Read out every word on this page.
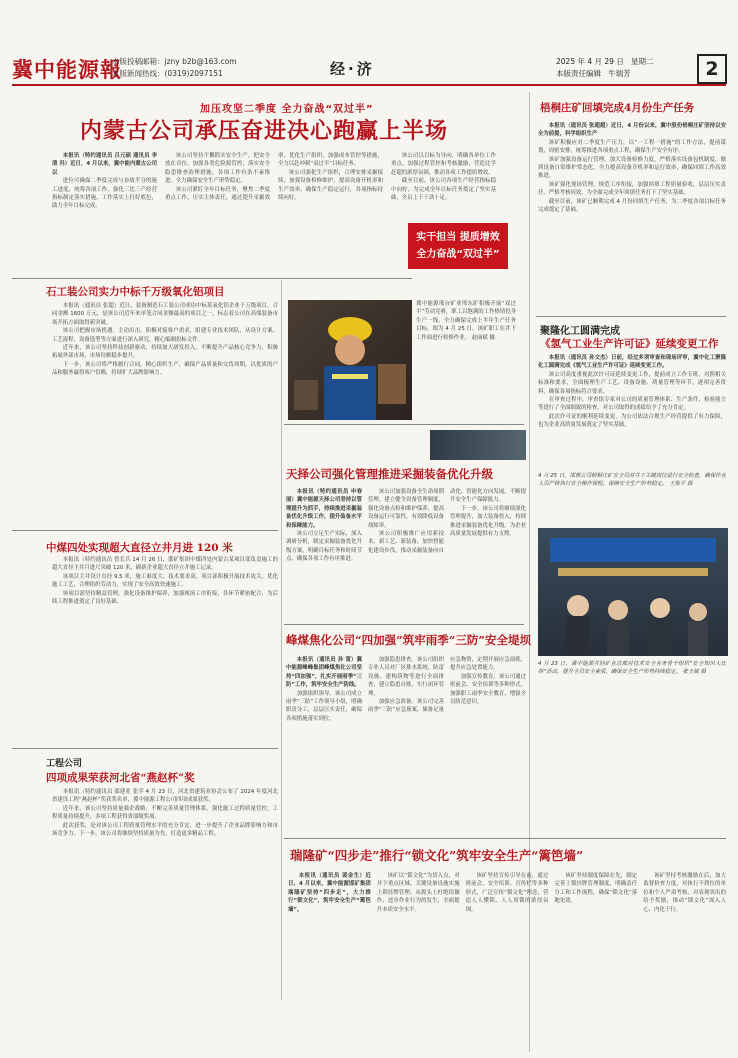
冀中能源報
本版投稿邮箱：jzny b2b@163.com
本版新闻热线：(0319)2097151	经·济	2025 年 4 月 29 日 星期二
本版责任编辑 牛瑞芳	2
加压攻坚二季度 全力奋战“双过半”
内蒙古公司承压奋进决心跑赢上半场

本报讯（特约通讯员 吕元硕 通讯员 李清 冯）近日，4 月以来，冀中能内蒙古公司以

进位可确保二季度完成与奋战半分的施工进度，统筹各项工作，强化三比三产经营指标制定落实措施，工作落实上打好底色，助力全年目标完成。

该公司坚持不懈抓实安全生产，把安全放在首位。加强各类危险源管控，落实安全隐患排查治理措施，各项工作有条不紊推进，全力确保安全生产形势稳定。

该公司紧盯全年目标任务，聚焦二季度重点工作，压实主体责任，通过提升采掘效率、优化生产组织、加强成本管控等措施，全力以赴冲刺“双过半”目标任务。

该公司强化生产组织，合理安排采掘接续，加强设备检修维护，提高设备开机率和生产效率，确保生产稳定运行，各项指标持续向好。

该公司以目标为导向，明确各单位工作重点，加强过程管控和考核激励，营造比学赶超的浓厚氛围，推动各项工作提质增效。

截至目前，该公司各项生产经营指标稳中向好，为完成全年目标任务奠定了坚实基础，全员上下干劲十足。

实干担当 提质增效
全力奋战“双过半”
梧桐庄矿回填完成4月份生产任务

本报讯（通讯员 张超超）近日，4 月份以来，冀中股份梧桐庄矿坚持以安全为前提，科学组织生产

该矿积极应对二季度生产压力，以“一工程一措施”的工作方法，提前谋划，周密安排，统筹推进各项重点工程，确保生产安全有序。

该矿加强设备运行管理，加大设备检修力度，严格落实设备包机制度，做到设备日常维护常态化，全力提高设备开机率和运行效率，确保回填工作高效推进。

该矿强化现场管理，规范工序衔接，加强回填工程质量验收，层层压实责任，严格考核问效，为全面完成全年回填任务打下了坚实基础。

截至目前，该矿已顺利完成 4 月份回填生产任务，为二季度各项目标任务完成奠定了基础。

聚隆化工圆满完成
《氢气工业生产许可证》延续变更工作

本报讯（通讯员 孙文杰）日前，经过多项审查和现场评审，冀中化工聚隆化工圆满完成《氢气工业生产许可证》延续变更工作。

该公司高度重视此次许可证延续变更工作，提前成立工作专班，对照相关标准和要求，全面梳理生产工艺、设备设施、质量管理等环节，逐项完善资料，确保各项指标符合要求。

在审查过程中，审查组专家对公司的质量管理体系、生产条件、检验能力等进行了全面细致的检查，对公司取得的成绩给予了充分肯定。

此次许可证的顺利延续变更，为公司依法合规生产经营提供了有力保障，也为企业高质量发展奠定了坚实基础。

4 月 23 日，冀中能源井陉矿业总部对技术安全业务骨干组织“安全知识大比拼”活动，提升全员安全素质，确保安全生产形势持续稳定。 张玉敏 摄
石工装公司实力中标千万级氧化铝项目

本报讯（通讯员 张超）近日，装备制造石工装公司成功中标某氧化铝企业千万级项目，合同金额 1600 万元，是该公司近年来单笔合同金额最高的项目之一，标志着公司在高端装备市场开拓方面取得新突破。

该公司把握市场机遇，主动出击，积极对接客户需求，组建专业技术团队，从设计方案、工艺流程、设备选型等方面进行深入研究，精心编制投标文件。

近年来，该公司坚持科技创新驱动，持续加大研发投入，不断提升产品核心竞争力，积极拓展外部市场，市场份额稳步提升。

下一步，该公司将严格履行合同，精心组织生产，确保产品质量和交货周期，以优质的产品和服务赢得客户信赖，持续扩大品牌影响力。

冀中能源邢台矿业邢东矿积极开展“双过半”劳动竞赛，职工以饱满的工作热情投身生产一线，全力确保完成上半年生产任务目标。图为 4 月 25 日，该矿职工在井下工作面进行检修作业。 赵丽斌 摄
中煤四处实现超大直径立井月进 120 米

本报讯（特约通讯员 曾长兵 14 月 26 日，邯矿集团中煤四处内蒙古某项目部负责施工的超大直径主井月进尺突破 120 米，刷新企业超大直径立井施工记录。

该项目主井设计直径 9.5 米，施工难度大、技术要求高。项目部积极开展技术攻关，优化施工工艺，合理组织劳动力，实现了安全高效快速施工。

该项目部坚持精益管理，强化设备维护保养，加强现场工序衔接，各环节紧密配合，为后续工程推进奠定了良好基础。

工程公司
四项成果荣获河北省“燕赵杯”奖

本报讯（特约通讯员 邵建亚 张学 4 月 23 日，河北省建筑业协会公布了 2024 年度河北省建设工程“燕赵杯”奖获奖名单，冀中能源工程公司四项成果获奖。

近年来，该公司坚持质量强企战略，不断完善质量管理体系，强化施工过程质量管控，工程质量持续提升，多项工程获得省部级奖项。

此次获奖，是对该公司工程质量管理水平的充分肯定，进一步提升了企业品牌影响力和市场竞争力。下一步，该公司将继续坚持质量为先，打造更多精品工程。

天择公司强化管理推进采掘装备优化升级

本报讯（特约通讯员 申春丽）冀中能源天择公司坚持以管理提升为抓手，持续推进采掘装备优化升级工作，提升装备水平和保障能力。

该公司立足生产实际，深入调研分析，制定采掘装备优化升级方案，明确目标任务和时间节点，确保各项工作有序推进。

该公司加强设备全生命周期管理，建立健全设备管理制度，强化设备点检和维护保养，提高设备运行可靠性，有效降低设备故障率。

该公司积极推广应用新技术、新工艺、新装备，加快智能化建设步伐，推动采掘装备向自动化、智能化方向发展，不断提升安全生产保障能力。

下一步，该公司将继续深化管理提升，加大装备投入，持续推进采掘装备优化升级，为企业高质量发展提供有力支撑。

4 月 25 日，邯郸公司梧桐庄矿安全员对井下关键岗位进行安全检查，确保作业人员严格执行安全操作规程，保障安全生产形势稳定。 王俊平 摄
峰煤焦化公司“四加强”筑牢雨季“三防”安全堤坝

本报讯（通讯员 孙 雷）冀中能源峰峰集团峰煤焦化公司坚持“四加强”，扎实开展雨季“三防”工作，筑牢安全生产防线。

加强组织领导。该公司成立雨季“三防”工作领导小组，明确职责分工，层层压实责任，确保各项措施落实到位。

加强隐患排查。该公司组织专业人员对厂区排水系统、防雷设施、建构筑物等进行全面排查，建立隐患台账，实行闭环管理。

加强应急准备。该公司完善雨季“三防”应急预案，储备足量应急物资，定期开展应急演练，提升应急处置能力。

加强宣传教育。该公司通过班前会、安全培训等多种形式，加强职工雨季安全教育，增强全员防范意识。

瑞隆矿“四步走”推行“锁文化”筑牢安全生产“篱笆墙”

本报讯（通讯员 裴金生）近日，4 月以来，冀中能源邯矿集团瑞隆矿坚持“四步走”，大力推行“锁文化”，筑牢安全生产“篱笆墙”。

该矿以“锁文化”为切入点，对井下重点区域、关键设备设施实施上锁挂牌管理，从源头上杜绝误操作、违章作业行为的发生，全面提升本质安全水平。

该矿坚持宣传引导在前，通过班前会、安全培训、宣传栏等多种形式，广泛宣传“锁文化”理念，营造人人懂锁、人人用锁的浓厚氛围。

该矿坚持制度保障在先，制定完善上锁挂牌管理制度，明确责任分工和工作流程，确保“锁文化”落地见效。

该矿坚持考核激励在后，加大监督检查力度，对执行不到位的单位和个人严肃考核，对表现突出的给予奖励，推动“锁文化”深入人心、内化于行。
